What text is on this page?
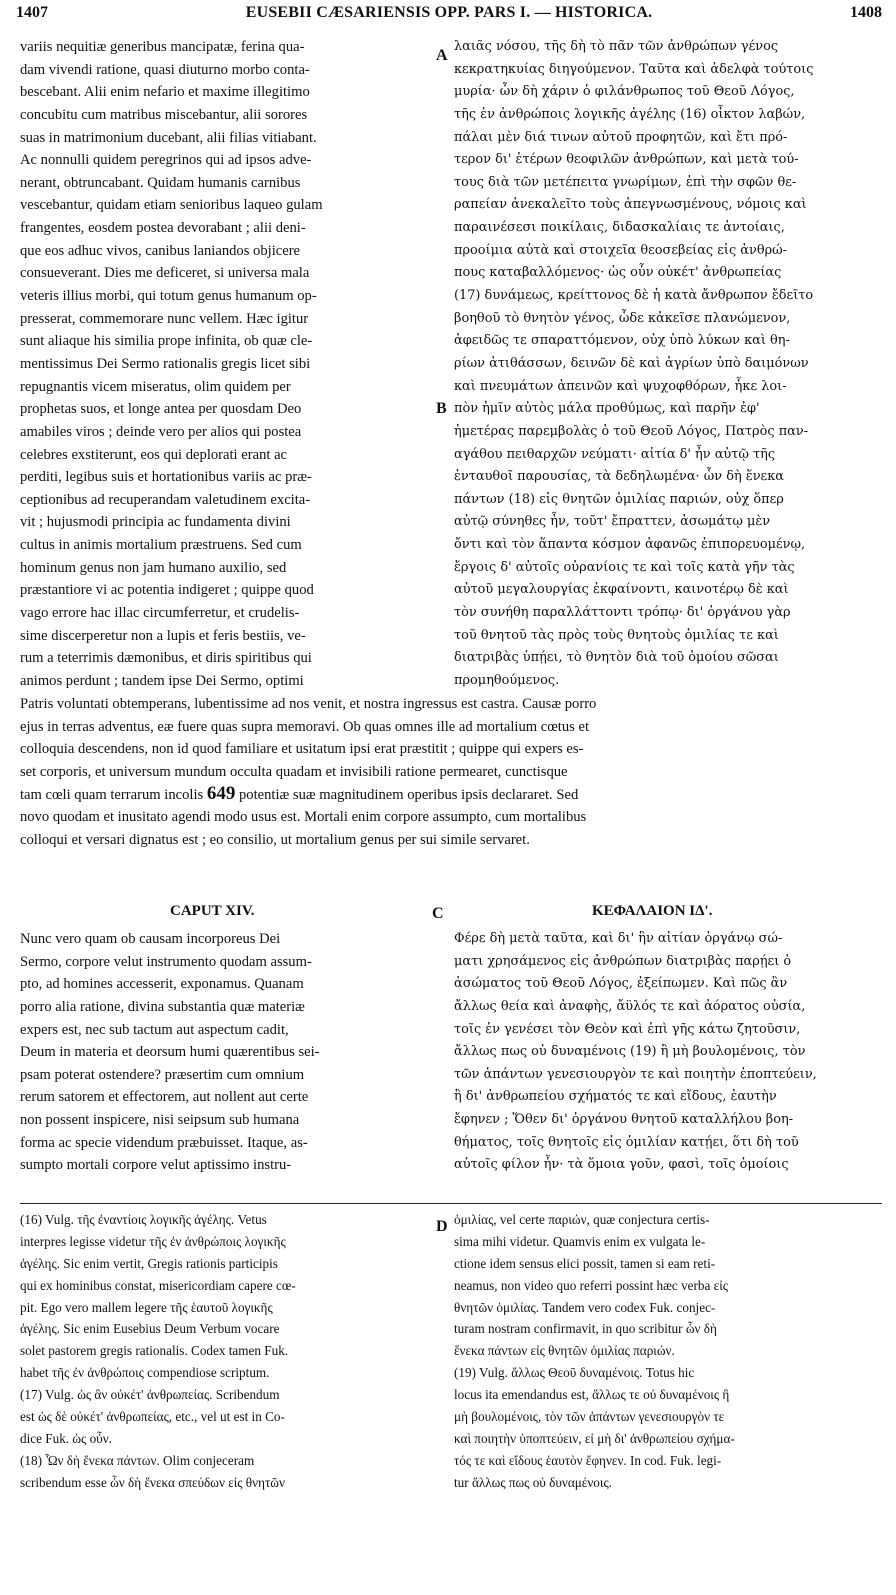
1407	EUSEBII CÆSARIENSIS OPP. PARS I. — HISTORICA.	1408
variis nequitiæ generibus mancipatæ, ferina qua-
dam vivendi ratione, quasi diuturno morbo conta-
bescebant. Alii enim nefario et maxime illegitimo
concubitu cum matribus miscebantur, alii sorores
suas in matrimonium ducebant, alii filias vitiabant.
Ac nonnulli quidem peregrinos qui ad ipsos adve-
nerant, obtruncabant. Quidam humanis carnibus
vescebantur, quidam etiam senioribus laqueo gulam
frangentes, eosdem postea devorabant ; alii deni-
que eos adhuc vivos, canibus laniandos objicere
consueverant. Dies me deficeret, si universa mala
veteris illius morbi, qui totum genus humanum op-
presserat, commemorare nunc vellem. Hæc igitur
sunt aliaque his similia prope infinita, ob quæ cle-
mentissimus Dei Sermo rationalis gregis licet sibi
repugnantis vicem miseratus, olim quidem per
prophetas suos, et longe antea per quosdam Deo
amabiles viros ; deinde vero per alios qui postea
celebres exstiterunt, eos qui deplorati erant ac
perditi, legibus suis et hortationibus variis ac præ-
ceptionibus ad recuperandam valetudinem excita-
vit ; hujusmodi principia ac fundamenta divini
cultus in animis mortalium præstruens. Sed cum
hominum genus non jam humano auxilio, sed
præstantiore vi ac potentia indigeret ; quippe quod
vago errore hac illac circumferretur, et crudelis-
sime discerperetur non a lupis et feris bestiis, ve-
rum a teterrimis dæmonibus, et diris spiritibus qui
animos perdunt ; tandem ipse Dei Sermo, optimi
λαιᾶς νόσου, τῆς δὴ τὸ πᾶν τῶν ἀνθρώπων γένος
κεκρατηκυίας διηγούμενον. Ταῦτα καὶ ἀδελφὰ τούτοις
μυρία· ὧν δὴ χάριν ὁ φιλάνθρωπος τοῦ Θεοῦ Λόγος,
τῆς ἐν ἀνθρώποις λογικῆς ἀγέλης (16) οἶκτον λαβών,
πάλαι μὲν διά τινων αὐτοῦ προφητῶν, καὶ ἔτι πρό-
τερον δι' ἑτέρων θεοφιλῶν ἀνθρώπων, καὶ μετὰ τού-
τους διὰ τῶν μετέπειτα γνωρίμων, ἐπὶ τὴν σφῶν θε-
ραπείαν ἀνεκαλεῖτο τοὺς ἀπεγνωσμένους, νόμοις καὶ
παραινέσεσι ποικίλαις, διδασκαλίαις τε ἀντοίαις,
προοίμια αὐτὰ καὶ στοιχεῖα θεοσεβείας εἰς ἀνθρώ-
πους καταβαλλόμενος· ὡς οὖν οὐκέτ' ἀνθρωπείας
(17) δυνάμεως, κρείττονος δὲ ἡ κατὰ ἄνθρωπον ἔδεῖτο
βοηθοῦ τὸ θνητὸν γένος, ὧδε κἀκεῖσε πλανώμενον,
ἀφειδῶς τε σπαραττόμενον, οὐχ ὑπὸ λύκων καὶ θη-
ρίων ἀτιθάσσων, δεινῶν δὲ καὶ ἀγρίων ὑπὸ δαιμόνων
καὶ πνευμάτων ἀπεινῶν καὶ ψυχοφθόρων, ἧκε λοι-
πὸν ἡμῖν αὐτὸς μάλα προθύμως, καὶ παρῆν ἐφ'
ἡμετέρας παρεμβολὰς ὁ τοῦ Θεοῦ Λόγος, Πατρὸς παν-
αγάθου πειθαρχῶν νεύματι· αἰτία δ' ἦν αὐτῷ τῆς
ἐνταυθοῖ παρουσίας, τὰ δεδηλωμένα· ὧν δὴ ἕνεκα
πάντων (18) εἰς θνητῶν ὁμιλίας παριών, οὐχ ὅπερ
αὐτῷ σύνηθες ἦν, τοῦτ' ἔπραττεν, ἀσωμάτῳ μὲν
ὄντι καὶ τὸν ἅπαντα κόσμον ἀφανῶς ἐπιπορευομένῳ,
ἔργοις δ' αὐτοῖς οὐρανίοις τε καὶ τοῖς κατὰ γῆν τὰς
αὐτοῦ μεγαλουργίας ἐκφαίνοντι, καινοτέρῳ δὲ καὶ
τὸν συνήθη παραλλάττοντι τρόπῳ· δι' ὀργάνου γὰρ
τοῦ θνητοῦ τὰς πρὸς τοὺς θνητοὺς ὁμιλίας τε καὶ
διατριβὰς ὑπῄει, τὸ θνητὸν διὰ τοῦ ὁμοίου σῶσαι
προμηθούμενος.
A
B
C
D
Patris voluntati obtemperans, lubentissime ad nos venit, et nostra ingressus est castra. Causæ porro
ejus in terras adventus, eæ fuere quas supra memoravi. Ob quas omnes ille ad mortalium cœtus et
colloquia descendens, non id quod familiare et usitatum ipsi erat præstitit ; quippe qui expers es-
set corporis, et universum mundum occulta quadam et invisibili ratione permearet, cunctisque
tam cœli quam terrarum incolis 649 potentiæ suæ magnitudinem operibus ipsis declararet. Sed
novo quodam et inusitato agendi modo usus est. Mortali enim corpore assumpto, cum mortalibus
colloqui et versari dignatus est ; eo consilio, ut mortalium genus per sui simile servaret.
CAPUT XIV.	ΚΕΦΑΛΑΙΟΝ ΙΔ'.
Nunc vero quam ob causam incorporeus Dei
Sermo, corpore velut instrumento quodam assum-
pto, ad homines accesserit, exponamus. Quanam
porro alia ratione, divina substantia quæ materiæ
expers est, nec sub tactum aut aspectum cadit,
Deum in materia et deorsum humi quærentibus sei-
psam poterat ostendere? præsertim cum omnium
rerum satorem et effectorem, aut nollent aut certe
non possent inspicere, nisi seipsum sub humana
forma ac specie videndum præbuisset. Itaque, as-
sumpto mortali corpore velut aptissimo instru-
Φέρε δὴ μετὰ ταῦτα, καὶ δι' ἣν αἰτίαν ὀργάνῳ σώ-
ματι χρησάμενος εἰς ἀνθρώπων διατριβὰς παρῄει ὁ
ἀσώματος τοῦ Θεοῦ Λόγος, ἐξείπωμεν. Καὶ πῶς ἂν
ἄλλως θεία καὶ ἀναφὴς, ἄϋλός τε καὶ ἀόρατος οὐσία,
τοῖς ἐν γενέσει τὸν Θεὸν καὶ ἐπὶ γῆς κάτω ζητοῦσιν,
ἄλλως πως οὐ δυναμένοις (19) ἢ μὴ βουλομένοις, τὸν
τῶν ἁπάντων γενεσιουργὸν τε καὶ ποιητὴν ἐποπτεύειν,
ἢ δι' ἀνθρωπείου σχήματός τε καὶ εἴδους, ἑαυτὴν
ἔφηνεν ; Ὅθεν δι' ὀργάνου θνητοῦ καταλλήλου βοη-
θήματος, τοῖς θνητοῖς εἰς ὁμιλίαν κατῄει, ὅτι δὴ τοῦ
αὐτοῖς φίλον ἦν· τὰ ὅμοια γοῦν, φασὶ, τοῖς ὁμοίοις
(16) Vulg. τῆς ἐναντίοις λογικῆς ἀγέλης. Vetus
interpres legisse videtur τῆς ἐν ἀνθρώποις λογικῆς
ἀγέλης. Sic enim vertit, Gregis rationis participis
qui ex hominibus constat, misericordiam capere cœ-
pit. Ego vero mallem legere τῆς ἑαυτοῦ λογικῆς
ἀγέλης. Sic enim Eusebius Deum Verbum vocare
solet pastorem gregis rationalis. Codex tamen Fuk.
habet τῆς ἐν ἀνθρώποις compendiose scriptum.
(17) Vulg. ὡς ἂν οὐκέτ' ἀνθρωπείας. Scribendum
est ὡς δὲ οὐκέτ' ἀνθρωπείας, etc., vel ut est in Co-
dice Fuk. ὡς οὖν.
(18) Ὧν δὴ ἕνεκα πάντων. Olim conjeceram
scribendum esse ὧν δὴ ἕνεκα σπεύδων εἰς θνητῶν
ὁμιλίας, vel certe παριών, quæ conjectura certis-
sima mihi videtur. Quamvis enim ex vulgata le-
ctione idem sensus elici possit, tamen si eam reti-
neamus, non video quo referri possint hæc verba εἰς
θνητῶν ὁμιλίας. Tandem vero codex Fuk. conjec-
turam nostram confirmavit, in quo scribitur ὧν δὴ
ἕνεκα πάντων εἰς θνητῶν ὁμιλίας παριών.
(19) Vulg. ἄλλως Θεοῦ δυναμένοις. Totus hic
locus ita emendandus est, ἄλλως τε οὐ δυναμένοις ἢ
μὴ βουλομένοις, τὸν τῶν ἁπάντων γενεσιουργὸν τε
καὶ ποιητὴν ὑποπτεύειν, εἰ μὴ δι' ἀνθρωπείου σχήμα-
τός τε καὶ εἴδους ἑαυτὸν ἔφηνεν. In cod. Fuk. legi-
tur ἄλλως πως οὐ δυναμένοις.
